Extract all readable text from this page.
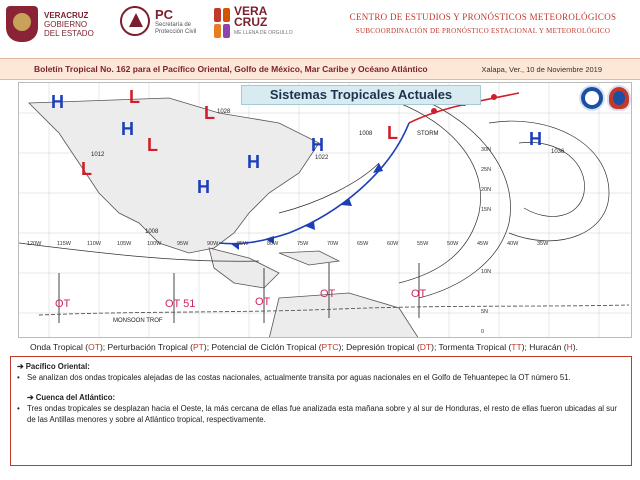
VERACRUZ
GOBIERNO
DEL ESTADO
PC
Secretaría de
Protección Civil
VERA
CRUZ
ME LLENA DE ORGULLO
CENTRO DE ESTUDIOS Y PRONÓSTICOS METEOROLÓGICOS
SUBCOORDINACIÓN DE PRONÓSTICO ESTACIONAL Y METEOROLÓGICO
Boletín Tropical No. 162 para el Pacífico Oriental, Golfo de México, Mar Caribe y Océano Atlántico	Xalapa, Ver., 10 de Noviembre 2019
H
H
H
H
H	H
L
L
L
L
L
1012
1008
1022
1036
1028
1008
STORM
MONSOON TROF
120W	115W	110W	105W	100W	95W	90W	85W	80W	75W	70W	65W	60W	55W	50W	45W	40W	35W
30N
25N
20N
15N
10N
5N
0
OT	OT 51	OT
OT	OT
Sistemas Tropicales Actuales
Onda Tropical (OT); Perturbación Tropical (PT); Potencial de Ciclón Tropical (PTC); Depresión tropical (DT); Tormenta Tropical (TT); Huracán (H).
➔ Pacífico Oriental:
• Se analizan dos ondas tropicales alejadas de las costas nacionales, actualmente transita por aguas nacionales en el Golfo de Tehuantepec la OT número 51.
➔ Cuenca del Atlántico:
• Tres ondas tropicales se desplazan hacia el Oeste, la más cercana de ellas fue analizada esta mañana sobre y al sur de Honduras, el resto de ellas fueron ubicadas al sur de las Antillas menores y sobre al Atlántico tropical, respectivamente.
